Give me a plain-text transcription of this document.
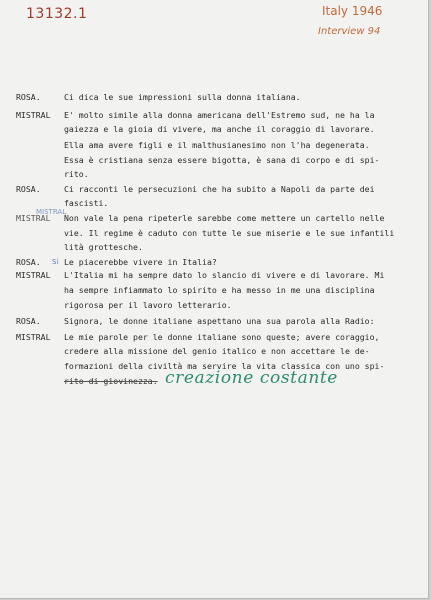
13132.1	Italy 1946
Interview 94
ROSA.	Ci dica le sue impressioni sulla donna italiana.
MISTRAL E' molto simile alla donna americana dell'Estremo sud, ne ha la
gaiezza e la gioia di vivere, ma anche il coraggio di lavorare.
Ella ama avere figli e il malthusianesimo non l'ha degenerata.
Essa è cristiana senza essere bigotta, è sana di corpo e di spi-
rito.
ROSA.	Ci racconti le persecuzioni che ha subito a Napoli da parte dei
fascisti.
MISTRAL
MISTRAL
Non vale la pena ripeterle sarebbe come mettere un cartello nelle
vie. Il regime è caduto con tutte le sue miserie e le sue infantili
lità grottesche.
ROSA.	Le piacerebbe vivere in Italia?
MISTRAL
Si
L'Italia mi ha sempre dato lo slancio di vivere e di lavorare. Mi
ha sempre infiammato lo spirito e ha messo in me una disciplina
rigorosa per il lavoro letterario.
ROSA.	Signora, le donne italiane aspettano una sua parola alla Radio:
MISTRAL Le mie parole per le donne italiane sono queste; avere coraggio,
credere alla missione del genio italico e non accettare le de-
formazioni della civiltà ma servire la vita classica con uno spi-
rito di giovinezza. creazione costante
